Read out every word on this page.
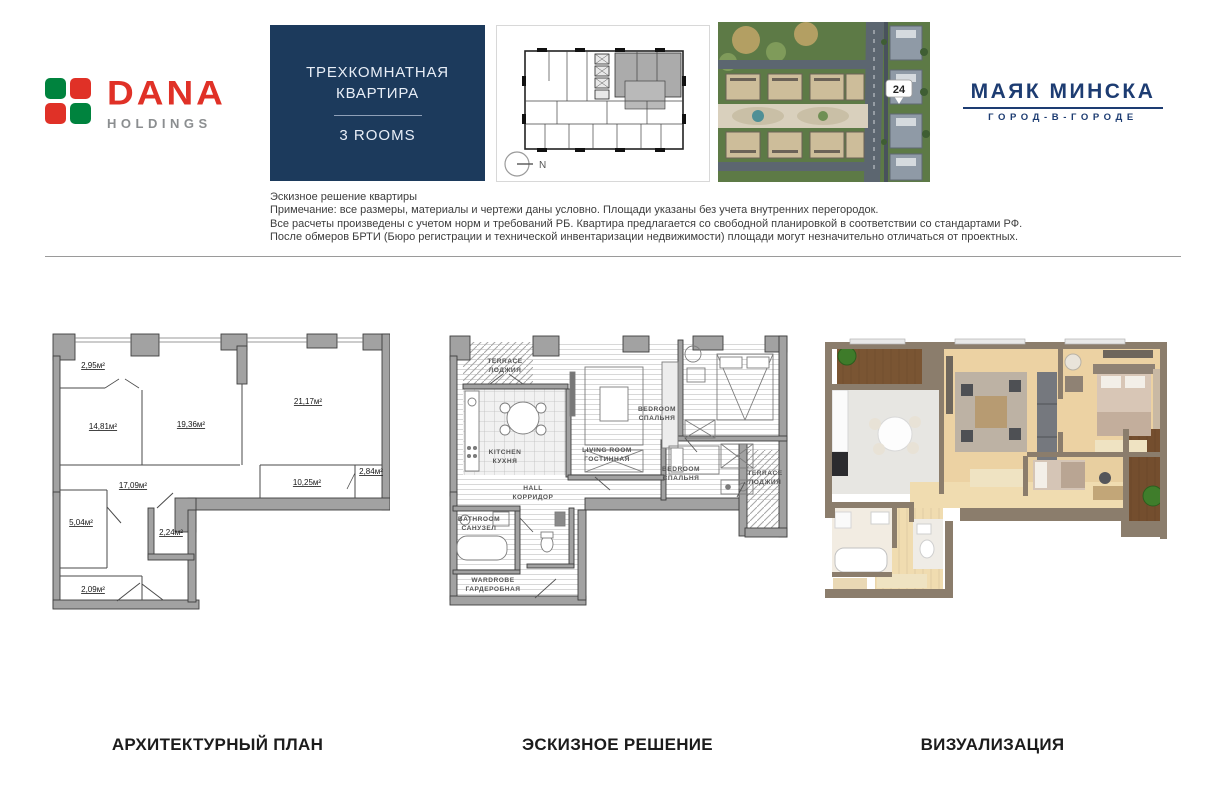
DANA
HOLDINGS
ТРЕХКОМНАТНАЯ
КВАРТИРА
3 ROOMS
N
24	МАЯК МИНСКА
ГОРОД-В-ГОРОДЕ
Эскизное решение квартиры
Примечание: все размеры, материалы и чертежи даны условно. Площади указаны без учета внутренних перегородок.
Все расчеты произведены с учетом норм и требований РБ. Квартира предлагается со свободной планировкой в соответствии со стандартами РФ.
После обмеров БРТИ (Бюро регистрации и технической инвентаризации недвижимости) площади могут незначительно отличаться от проектных.
2,95м²
14,81м²	19,36м²
21,17м²
10,25м²
2,84м²
17,09м²
5,04м²
2,24м²
2,09м²
TERRACE
ЛОДЖИЯ
KITCHEN
КУХНЯ
LIVING ROOM
ГОСТИННАЯ
BEDROOM
СПАЛЬНЯ
BEDROOM
СПАЛЬНЯ
TERRACE
ЛОДЖИЯ
HALL
КОРРИДОР
BATHROOM
САНУЗЕЛ
WARDROBE
ГАРДЕРОБНАЯ
АРХИТЕКТУРНЫЙ ПЛАН	ЭСКИЗНОЕ РЕШЕНИЕ	ВИЗУАЛИЗАЦИЯ
